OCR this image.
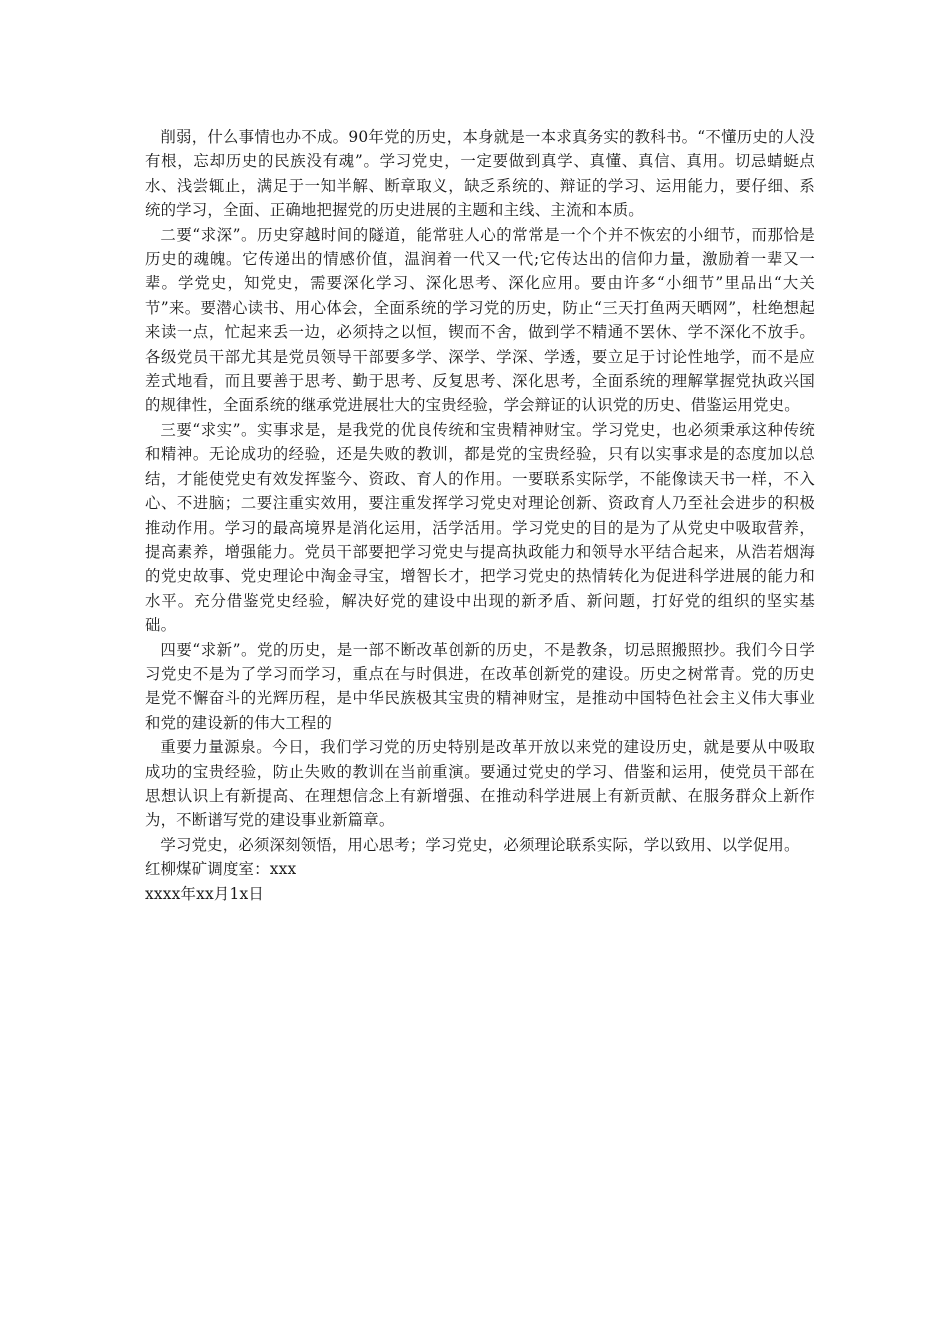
削弱，什么事情也办不成。90年党的历史，本身就是一本求真务实的教科书。“不懂历史的人没有根，忘却历史的民族没有魂”。学习党史，一定要做到真学、真懂、真信、真用。切忌蜻蜓点水、浅尝辄止，满足于一知半解、断章取义，缺乏系统的、辩证的学习、运用能力，要仔细、系统的学习，全面、正确地把握党的历史进展的主题和主线、主流和本质。

二要“求深”。历史穿越时间的隧道，能常驻人心的常常是一个个并不恢宏的小细节，而那恰是历史的魂魄。它传递出的情感价值，温润着一代又一代;它传达出的信仰力量，激励着一辈又一辈。学党史，知党史，需要深化学习、深化思考、深化应用。要由许多“小细节”里品出“大关节”来。要潜心读书、用心体会，全面系统的学习党的历史，防止“三天打鱼两天晒网”，杜绝想起来读一点，忙起来丢一边，必须持之以恒，锲而不舍，做到学不精通不罢休、学不深化不放手。各级党员干部尤其是党员领导干部要多学、深学、学深、学透，要立足于讨论性地学，而不是应差式地看，而且要善于思考、勤于思考、反复思考、深化思考，全面系统的理解掌握党执政兴国的规律性，全面系统的继承党进展壮大的宝贵经验，学会辩证的认识党的历史、借鉴运用党史。

三要“求实”。实事求是，是我党的优良传统和宝贵精神财宝。学习党史，也必须秉承这种传统和精神。无论成功的经验，还是失败的教训，都是党的宝贵经验，只有以实事求是的态度加以总结，才能使党史有效发挥鉴今、资政、育人的作用。一要联系实际学，不能像读天书一样，不入心、不进脑；二要注重实效用，要注重发挥学习党史对理论创新、资政育人乃至社会进步的积极推动作用。学习的最高境界是消化运用，活学活用。学习党史的目的是为了从党史中吸取营养，提高素养，增强能力。党员干部要把学习党史与提高执政能力和领导水平结合起来，从浩若烟海的党史故事、党史理论中淘金寻宝，增智长才，把学习党史的热情转化为促进科学进展的能力和水平。充分借鉴党史经验，解决好党的建设中出现的新矛盾、新问题，打好党的组织的坚实基础。

四要“求新”。党的历史，是一部不断改革创新的历史，不是教条，切忌照搬照抄。我们今日学习党史不是为了学习而学习，重点在与时俱进，在改革创新党的建设。历史之树常青。党的历史是党不懈奋斗的光辉历程，是中华民族极其宝贵的精神财宝，是推动中国特色社会主义伟大事业和党的建设新的伟大工程的

重要力量源泉。今日，我们学习党的历史特别是改革开放以来党的建设历史，就是要从中吸取成功的宝贵经验，防止失败的教训在当前重演。要通过党史的学习、借鉴和运用，使党员干部在思想认识上有新提高、在理想信念上有新增强、在推动科学进展上有新贡献、在服务群众上新作为，不断谱写党的建设事业新篇章。

学习党史，必须深刻领悟，用心思考；学习党史，必须理论联系实际，学以致用、以学促用。

红柳煤矿调度室：xxx

xxxx年xx月1x日
